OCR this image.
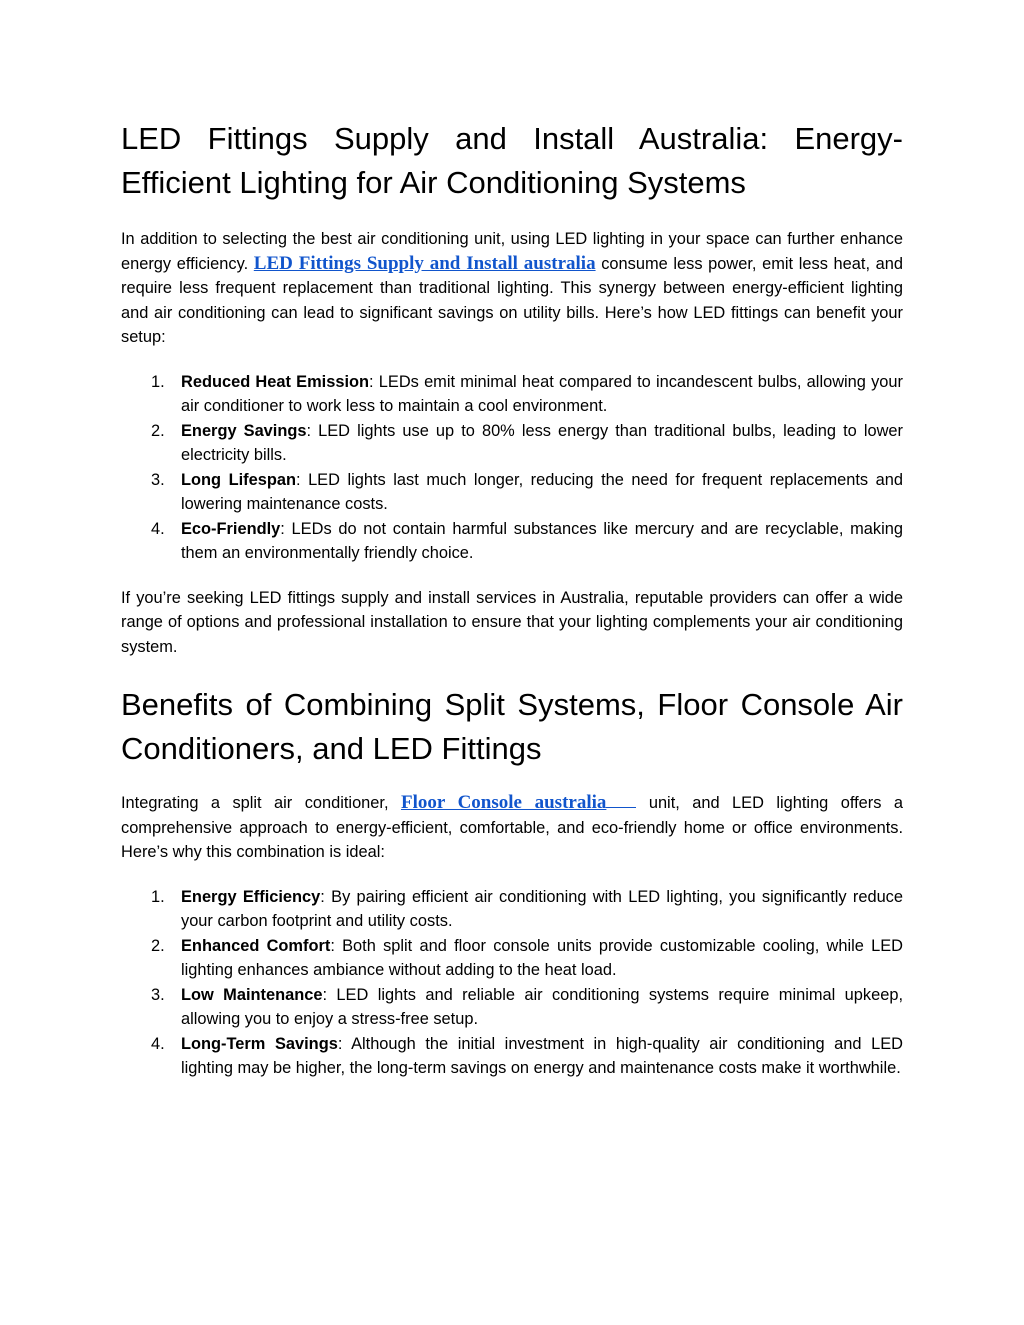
LED Fittings Supply and Install Australia: Energy-Efficient Lighting for Air Conditioning Systems

In addition to selecting the best air conditioning unit, using LED lighting in your space can further enhance energy efficiency. LED Fittings Supply and Install australia consume less power, emit less heat, and require less frequent replacement than traditional lighting. This synergy between energy-efficient lighting and air conditioning can lead to significant savings on utility bills. Here’s how LED fittings can benefit your setup:

1. Reduced Heat Emission: LEDs emit minimal heat compared to incandescent bulbs, allowing your air conditioner to work less to maintain a cool environment.
2. Energy Savings: LED lights use up to 80% less energy than traditional bulbs, leading to lower electricity bills.
3. Long Lifespan: LED lights last much longer, reducing the need for frequent replacements and lowering maintenance costs.
4. Eco-Friendly: LEDs do not contain harmful substances like mercury and are recyclable, making them an environmentally friendly choice.

If you’re seeking LED fittings supply and install services in Australia, reputable providers can offer a wide range of options and professional installation to ensure that your lighting complements your air conditioning system.

Benefits of Combining Split Systems, Floor Console Air Conditioners, and LED Fittings

Integrating a split air conditioner, Floor Console australia unit, and LED lighting offers a comprehensive approach to energy-efficient, comfortable, and eco-friendly home or office environments. Here’s why this combination is ideal:

1. Energy Efficiency: By pairing efficient air conditioning with LED lighting, you significantly reduce your carbon footprint and utility costs.
2. Enhanced Comfort: Both split and floor console units provide customizable cooling, while LED lighting enhances ambiance without adding to the heat load.
3. Low Maintenance: LED lights and reliable air conditioning systems require minimal upkeep, allowing you to enjoy a stress-free setup.
4. Long-Term Savings: Although the initial investment in high-quality air conditioning and LED lighting may be higher, the long-term savings on energy and maintenance costs make it worthwhile.
